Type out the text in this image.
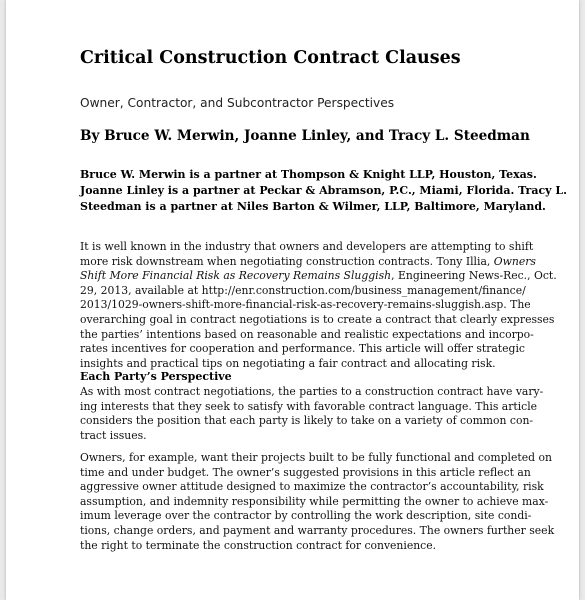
Critical Construction Contract Clauses
Owner, Contractor, and Subcontractor Perspectives
By Bruce W. Merwin, Joanne Linley, and Tracy L. Steedman
Bruce W. Merwin is a partner at Thompson & Knight LLP, Houston, Texas.
Joanne Linley is a partner at Peckar & Abramson, P.C., Miami, Florida. Tracy L.
Steedman is a partner at Niles Barton & Wilmer, LLP, Baltimore, Maryland.
It is well known in the industry that owners and developers are attempting to shift
more risk downstream when negotiating construction contracts. Tony Illia, Owners
Shift More Financial Risk as Recovery Remains Sluggish, Engineering News-Rec., Oct.
29, 2013, available at http://enr.construction.com/business_management/finance/
2013/1029-owners-shift-more-financial-risk-as-recovery-remains-sluggish.asp. The
overarching goal in contract negotiations is to create a contract that clearly expresses
the parties’ intentions based on reasonable and realistic expectations and incorpo-
rates incentives for cooperation and performance. This article will offer strategic
insights and practical tips on negotiating a fair contract and allocating risk.
Each Party’s Perspective
As with most contract negotiations, the parties to a construction contract have vary-
ing interests that they seek to satisfy with favorable contract language. This article
considers the position that each party is likely to take on a variety of common con-
tract issues.
Owners, for example, want their projects built to be fully functional and completed on
time and under budget. The owner’s suggested provisions in this article reflect an
aggressive owner attitude designed to maximize the contractor’s accountability, risk
assumption, and indemnity responsibility while permitting the owner to achieve max-
imum leverage over the contractor by controlling the work description, site condi-
tions, change orders, and payment and warranty procedures. The owners further seek
the right to terminate the construction contract for convenience.
